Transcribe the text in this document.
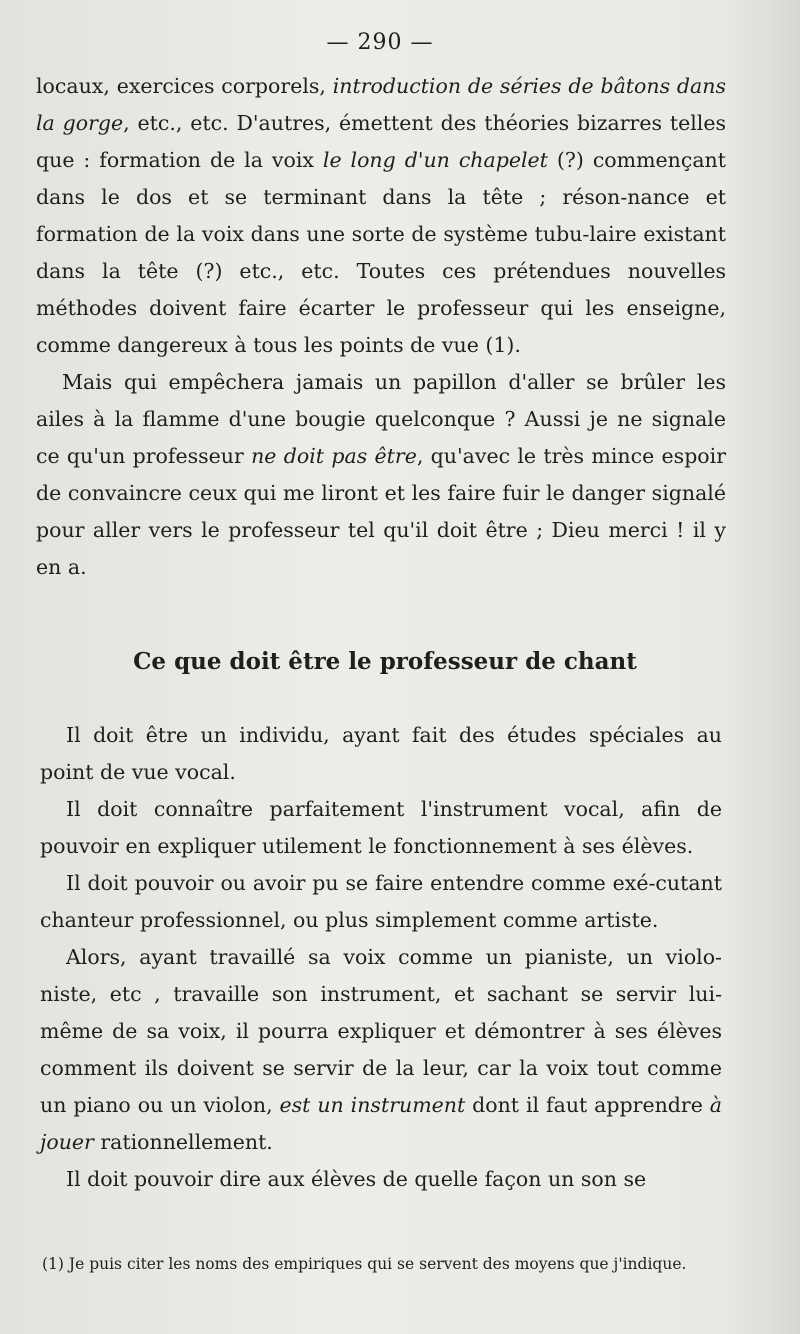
— 290 —

locaux, exercices corporels, introduction de séries de bâtons dans la gorge, etc., etc. D'autres, émettent des théories bizarres telles que : formation de la voix le long d'un chapelet (?) commençant dans le dos et se terminant dans la tête ; réson-nance et formation de la voix dans une sorte de système tubu-laire existant dans la tête (?) etc., etc. Toutes ces prétendues nouvelles méthodes doivent faire écarter le professeur qui les enseigne, comme dangereux à tous les points de vue (1).

Mais qui empêchera jamais un papillon d'aller se brûler les ailes à la flamme d'une bougie quelconque ? Aussi je ne signale ce qu'un professeur ne doit pas être, qu'avec le très mince espoir de convaincre ceux qui me liront et les faire fuir le danger signalé pour aller vers le professeur tel qu'il doit être ; Dieu merci ! il y en a.

Ce que doit être le professeur de chant

Il doit être un individu, ayant fait des études spéciales au point de vue vocal.

Il doit connaître parfaitement l'instrument vocal, afin de pouvoir en expliquer utilement le fonctionnement à ses élèves.

Il doit pouvoir ou avoir pu se faire entendre comme exé-cutant chanteur professionnel, ou plus simplement comme artiste.

Alors, ayant travaillé sa voix comme un pianiste, un violo-niste, etc , travaille son instrument, et sachant se servir lui-même de sa voix, il pourra expliquer et démontrer à ses élèves comment ils doivent se servir de la leur, car la voix tout comme un piano ou un violon, est un instrument dont il faut apprendre à jouer rationnellement.

Il doit pouvoir dire aux élèves de quelle façon un son se

(1) Je puis citer les noms des empiriques qui se servent des moyens que j'indique.
